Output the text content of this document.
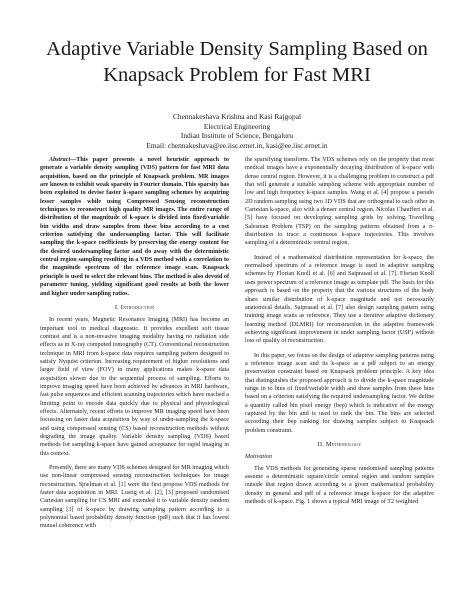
Adaptive Variable Density Sampling Based on Knapsack Problem for Fast MRI
Chennakeshava Krishna and Kasi Rajgopal
Electrical Engineering
Indian Institute of Science, Bengaluru
Email: chennakeshava@ee.iisc.ernet.in, kasi@ee.iisc.ernet.in

Abstract—This paper presents a novel heuristic approach to generate a variable density sampling (VDS) pattern for fast MRI data acquisition, based on the principle of Knapsack problem. MR images are known to exhibit weak sparsity in Fourier domain. This sparsity has been exploited to devise faster k-space sampling schemes by acquiring lesser samples while using Compressed Sensing reconstruction techniques to reconstruct high quality MR images. The entire range of distribution of the magnitude of k-space is divided into fixed/variable bin widths and draw samples from these bins according to a cost criterion satisfying the undersampling factor. This will facilitate sampling the k-space coefficients by preserving the energy content for the desired undersampling factor and do away with the deterministic central region sampling resulting in a VDS method with a correlation to the magnitude spectrum of the reference image scan. Knapsack principle is used to select the relevant bins. The method is also devoid of parameter tuning, yielding significant good results at both the lower and higher under sampling ratios.

I. Introduction

In recent years, Magnetic Resonance Imaging (MRI) has become an important tool in medical diagnostic. It provides excellent soft tissue contrast and is a non-invasive imaging modality having no radiation side effects as in X-ray computed tomography (CT). Conventional reconstruction technique in MRI from k-space data requires sampling pattern designed to satisfy Nyquist criterion. Increasing requirement of higher resolutions and larger field of view (FOV) in many applications makes k-space data acquisition slower due to the sequential process of sampling. Efforts to improve imaging speed have been achieved by advances in MRI hardware, fast pulse sequences and efficient scanning trajectories which have reached a limiting point to encode data quickly due to physical and physiological effects. Alternately, recent efforts to improve MR imaging speed have been focussing on faster data acquisition by way of under-sampling the k-space and using compressed sensing (CS) based reconstruction methods without degrading the image quality. Variable density sampling (VDS) based methods for sampling k-space have gained acceptance for rapid imaging in this context.

Presently, there are many VDS schemes designed for MR imaging which use non-linear compressed sensing reconstruction techniques for image reconstruction. Spielman et al. [1] were the first propose VDS methods for faster data acquisition in MRI. Lustig et al. [2], [3] proposed randomised Cartesian sampling for CS MRI and extended it to variable density random sampling [3] of k-space by drawing sampling pattern according to a polynomial based probability density function (pdf) such that it has lowest mutual coherence with

the sparsifying transform. The VDS schemes rely on the property that most medical images have a exponentially decaying distribution of k-space with dense central region. However, it is a challenging problem to construct a pdf that will generate a suitable sampling scheme with appropriate number of low and high frequency k-space samples. Wang et al. [4] propose a pseudo 2D random sampling using two 1D VDS that are orthogonal to each other in Cartesian k-space, also with a denser central region. Nicolas Chauffert et al. [5] have focused on developing sampling grids by solving Travelling Salesman Problem (TSP) on the sampling patterns obtained from a π-distribution to trace a continuous k-space trajectories. This involves sampling of a deterministic central region.

Instead of a mathematical distribution representation for k-space, the normalised spectrum of a reference image is used in adaptive sampling schemes by Florian Knoll et al. [6] and Saiprasad et al. [7]. Florian Knoll uses power spectrum of a reference image as template pdf. The basis for this approach is based on the property that the various structures of the body share similar distribution of k-space magnitude and not necessarily anatomical details. Saiprasad et al. [7] also design sampling pattern using training image scans as reference. They use a iterative adaptive dictionary learning method (DLMRI) for reconstruction in the adaptive framework achieving significant improvement in under sampling factor (USF) without loss of quality of reconstruction.

In this paper, we focus on the design of adaptive sampling patterns using a reference image scan and its k-space as a pdf subject to an energy preservation constraint based on Knapsack problem principle. A key idea that distinguishes the proposed approach is to divide the k-space magnitude range in to bins of fixed/variable width and draw samples from these bins based on a criterion satisfying the required undersampling factor. We define a quantity called bin pixel energy (bep) which is indicative of the energy captured by the bin and is used to rank the bin. The bins are selected according their bep ranking for drawing samples subject to Knapsack problem constraint.

II. Methodology
Motivation

The VDS methods for generating sparse randomised sampling patterns assume a deterministic square/circle central region and random samples outside that region drawn according to a given mathematical probability density in general and pdf of a reference image k-space for the adaptive methods of k-space. Fig. 1 shows a typical MRI image of T2 weighted
